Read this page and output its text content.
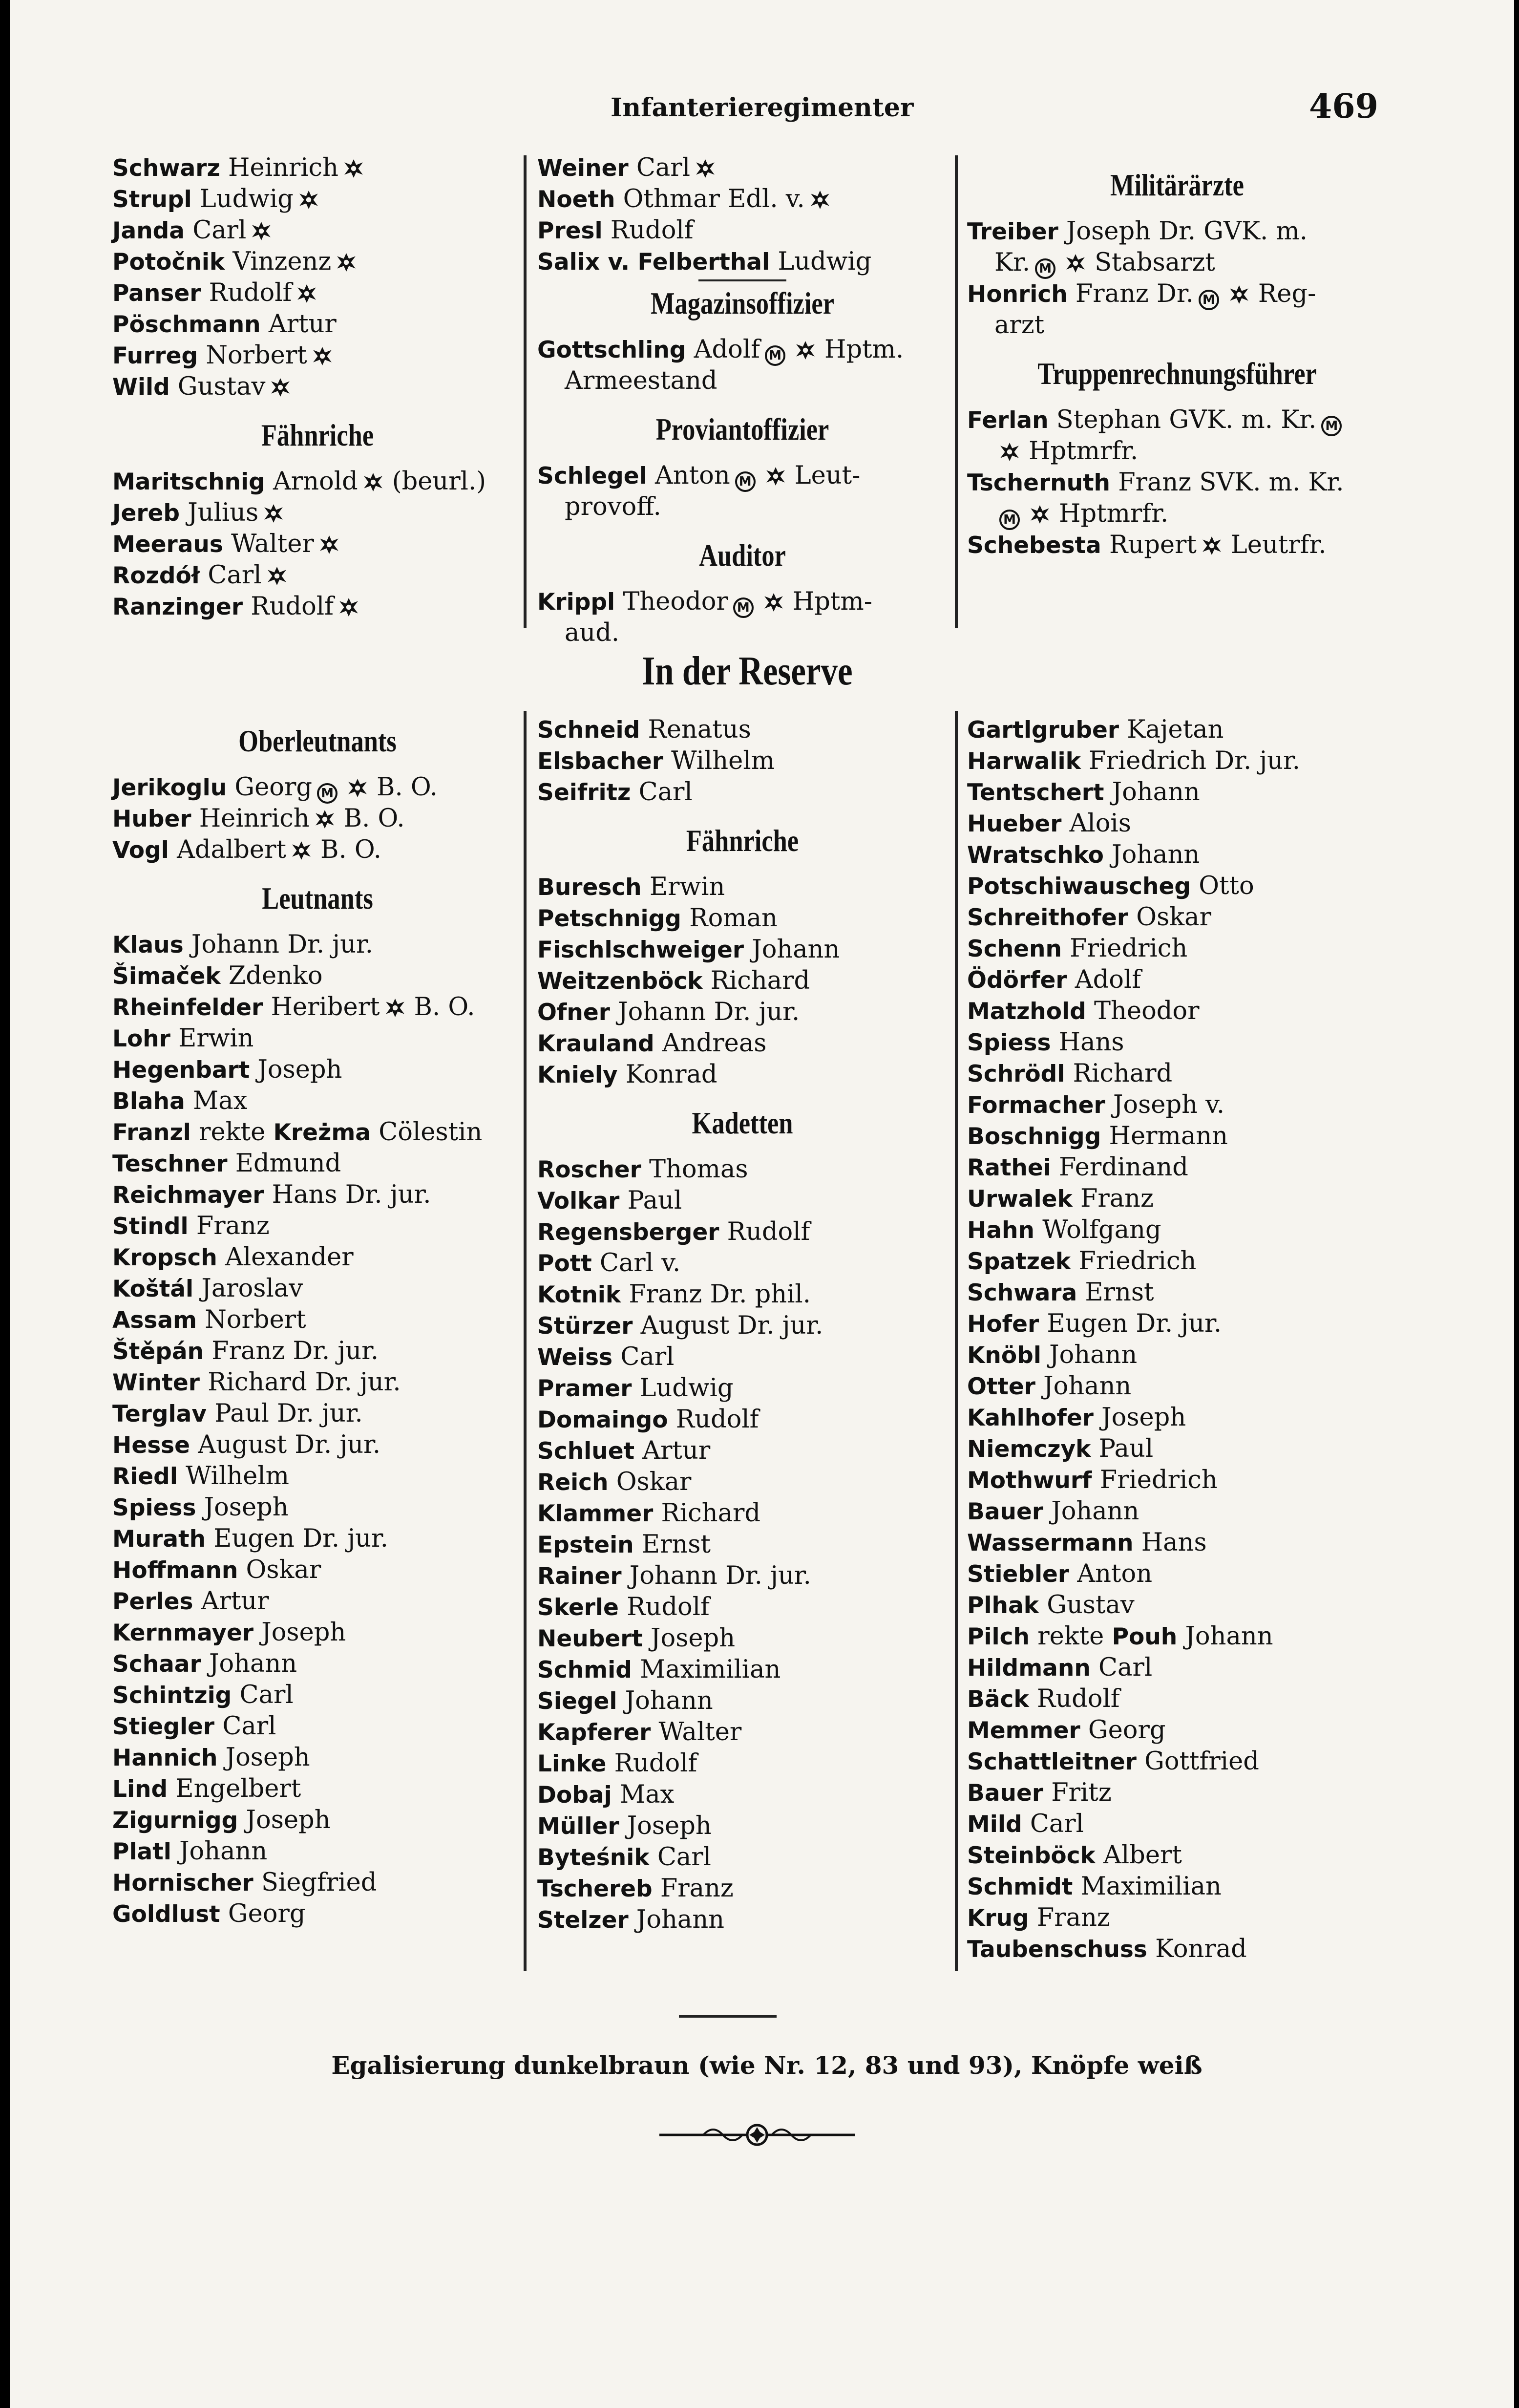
Infanterieregimenter	469
Schwarz Heinrich
Strupl Ludwig
Janda Carl
Potočnik Vinzenz
Panser Rudolf
Pöschmann Artur
Furreg Norbert
Wild Gustav
Fähnriche
Maritschnig Arnold (beurl.)
Jereb Julius
Meeraus Walter
Rozdół Carl
Ranzinger Rudolf
Weiner Carl
Noeth Othmar Edl. v.
Presl Rudolf
Salix v. Felberthal Ludwig
Magazinsoffizier
Gottschling Adolf M Hptm.
Armeestand
Proviantoffizier
Schlegel Anton M Leut-
provoff.
Auditor
Krippl Theodor M Hptm-
aud.
Militärärzte
Treiber Joseph Dr. GVK. m.
Kr. M Stabsarzt
Honrich Franz Dr. M Reg-
arzt
Truppenrechnungsführer
Ferlan Stephan GVK. m. Kr. M
Hptmrfr.
Tschernuth Franz SVK. m. Kr.
M Hptmrfr.
Schebesta Rupert Leutrfr.
In der Reserve
Oberleutnants
Jerikoglu Georg M B. O.
Huber Heinrich B. O.
Vogl Adalbert B. O.
Leutnants
Klaus Johann Dr. jur.
Šimaček Zdenko
Rheinfelder Heribert B. O.
Lohr Erwin
Hegenbart Joseph
Blaha Max
Franzl rekte Kreżma Cölestin
Teschner Edmund
Reichmayer Hans Dr. jur.
Stindl Franz
Kropsch Alexander
Koštál Jaroslav
Assam Norbert
Štěpán Franz Dr. jur.
Winter Richard Dr. jur.
Terglav Paul Dr. jur.
Hesse August Dr. jur.
Riedl Wilhelm
Spiess Joseph
Murath Eugen Dr. jur.
Hoffmann Oskar
Perles Artur
Kernmayer Joseph
Schaar Johann
Schintzig Carl
Stiegler Carl
Hannich Joseph
Lind Engelbert
Zigurnigg Joseph
Platl Johann
Hornischer Siegfried
Goldlust Georg
Schneid Renatus
Elsbacher Wilhelm
Seifritz Carl
Fähnriche
Buresch Erwin
Petschnigg Roman
Fischlschweiger Johann
Weitzenböck Richard
Ofner Johann Dr. jur.
Krauland Andreas
Kniely Konrad
Kadetten
Roscher Thomas
Volkar Paul
Regensberger Rudolf
Pott Carl v.
Kotnik Franz Dr. phil.
Stürzer August Dr. jur.
Weiss Carl
Pramer Ludwig
Domaingo Rudolf
Schluet Artur
Reich Oskar
Klammer Richard
Epstein Ernst
Rainer Johann Dr. jur.
Skerle Rudolf
Neubert Joseph
Schmid Maximilian
Siegel Johann
Kapferer Walter
Linke Rudolf
Dobaj Max
Müller Joseph
Byteśnik Carl
Tschereb Franz
Stelzer Johann
Gartlgruber Kajetan
Harwalik Friedrich Dr. jur.
Tentschert Johann
Hueber Alois
Wratschko Johann
Potschiwauscheg Otto
Schreithofer Oskar
Schenn Friedrich
Ödörfer Adolf
Matzhold Theodor
Spiess Hans
Schrödl Richard
Formacher Joseph v.
Boschnigg Hermann
Rathei Ferdinand
Urwalek Franz
Hahn Wolfgang
Spatzek Friedrich
Schwara Ernst
Hofer Eugen Dr. jur.
Knöbl Johann
Otter Johann
Kahlhofer Joseph
Niemczyk Paul
Mothwurf Friedrich
Bauer Johann
Wassermann Hans
Stiebler Anton
Plhak Gustav
Pilch rekte Pouh Johann
Hildmann Carl
Bäck Rudolf
Memmer Georg
Schattleitner Gottfried
Bauer Fritz
Mild Carl
Steinböck Albert
Schmidt Maximilian
Krug Franz
Taubenschuss Konrad
Egalisierung dunkelbraun (wie Nr. 12, 83 und 93), Knöpfe weiß
